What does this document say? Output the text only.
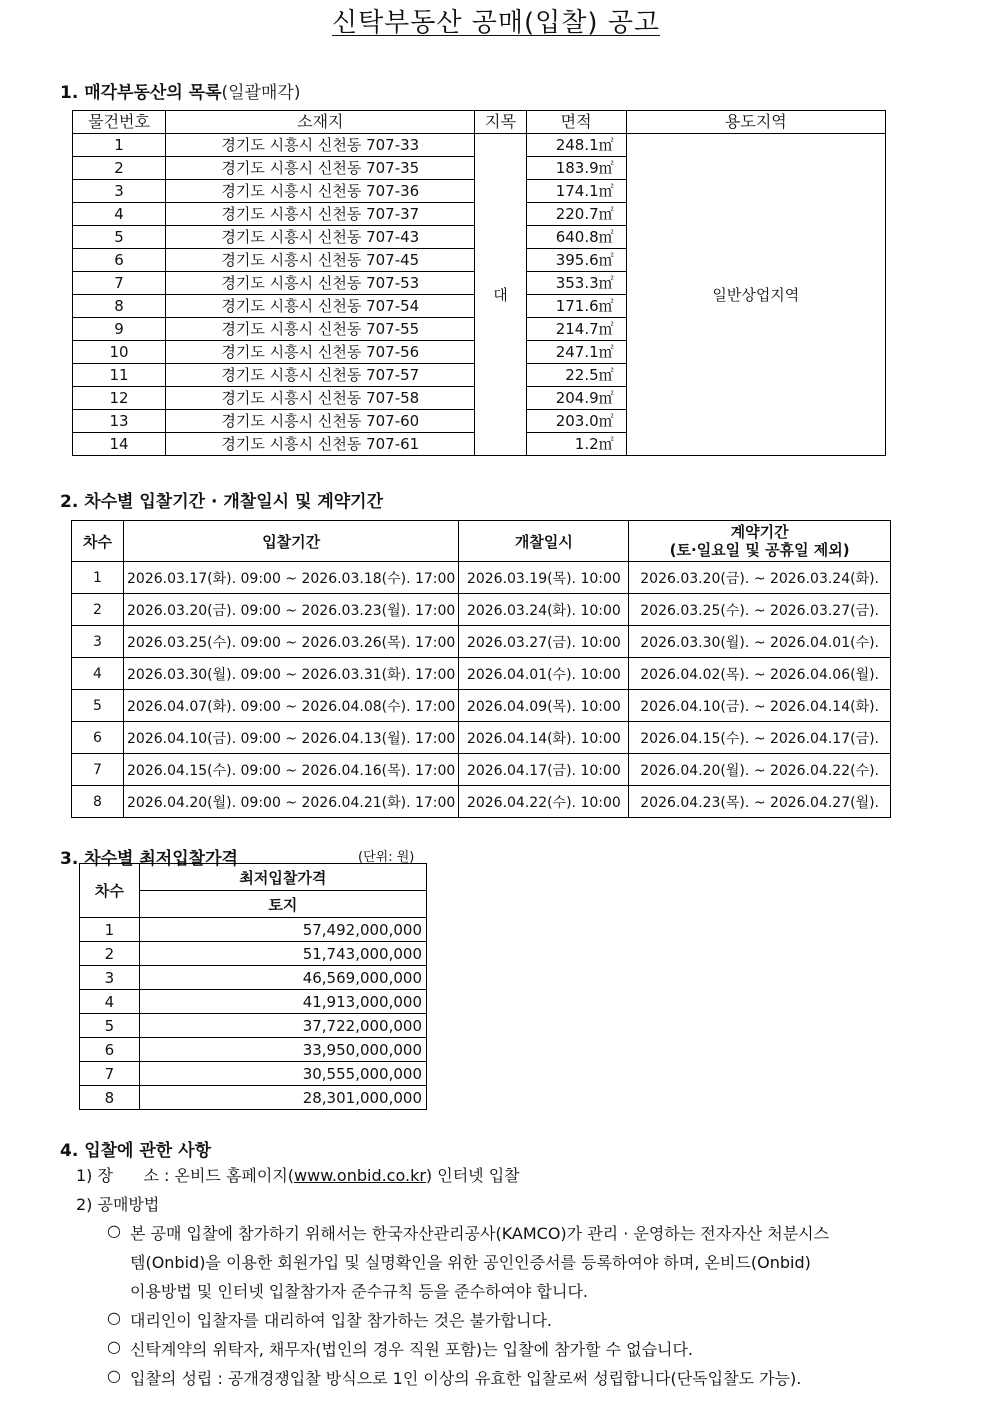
신탁부동산 공매(입찰) 공고
1. 매각부동산의 목록(일괄매각)
물건번호	소재지	지목	면적	용도지역
1	경기도 시흥시 신천동 707-33	대	248.1㎡	일반상업지역
2	경기도 시흥시 신천동 707-35		183.9㎡	
3	경기도 시흥시 신천동 707-36		174.1㎡	
4	경기도 시흥시 신천동 707-37		220.7㎡	
5	경기도 시흥시 신천동 707-43		640.8㎡	
6	경기도 시흥시 신천동 707-45		395.6㎡	
7	경기도 시흥시 신천동 707-53		353.3㎡	
8	경기도 시흥시 신천동 707-54		171.6㎡	
9	경기도 시흥시 신천동 707-55		214.7㎡	
10	경기도 시흥시 신천동 707-56		247.1㎡	
11	경기도 시흥시 신천동 707-57		22.5㎡	
12	경기도 시흥시 신천동 707-58		204.9㎡	
13	경기도 시흥시 신천동 707-60		203.0㎡	
14	경기도 시흥시 신천동 707-61		1.2㎡	
2. 차수별 입찰기간 · 개찰일시 및 계약기간
차수	입찰기간	개찰일시	계약기간
(토·일요일 및 공휴일 제외)

1	2026.03.17(화). 09:00 ~ 2026.03.18(수). 17:00	2026.03.19(목). 10:00	2026.03.20(금). ~ 2026.03.24(화).
2	2026.03.20(금). 09:00 ~ 2026.03.23(월). 17:00	2026.03.24(화). 10:00	2026.03.25(수). ~ 2026.03.27(금).
3	2026.03.25(수). 09:00 ~ 2026.03.26(목). 17:00	2026.03.27(금). 10:00	2026.03.30(월). ~ 2026.04.01(수).
4	2026.03.30(월). 09:00 ~ 2026.03.31(화). 17:00	2026.04.01(수). 10:00	2026.04.02(목). ~ 2026.04.06(월).
5	2026.04.07(화). 09:00 ~ 2026.04.08(수). 17:00	2026.04.09(목). 10:00	2026.04.10(금). ~ 2026.04.14(화).
6	2026.04.10(금). 09:00 ~ 2026.04.13(월). 17:00	2026.04.14(화). 10:00	2026.04.15(수). ~ 2026.04.17(금).
7	2026.04.15(수). 09:00 ~ 2026.04.16(목). 17:00	2026.04.17(금). 10:00	2026.04.20(월). ~ 2026.04.22(수).
8	2026.04.20(월). 09:00 ~ 2026.04.21(화). 17:00	2026.04.22(수). 10:00	2026.04.23(목). ~ 2026.04.27(월).
3. 차수별 최저입찰가격	(단위: 원)
차수	최저입찰가격
	토지
1	57,492,000,000
2	51,743,000,000
3	46,569,000,000
4	41,913,000,000
5	37,722,000,000
6	33,950,000,000
7	30,555,000,000
8	28,301,000,000
4. 입찰에 관한 사항
1) 장      소 : 온비드 홈페이지(www.onbid.co.kr) 인터넷 입찰
2) 공매방법
○ 본 공매 입찰에 참가하기 위해서는 한국자산관리공사(KAMCO)가 관리 · 운영하는 전자자산 처분시스
템(Onbid)을 이용한 회원가입 및 실명확인을 위한 공인인증서를 등록하여야 하며, 온비드(Onbid)
이용방법 및 인터넷 입찰참가자 준수규칙 등을 준수하여야 합니다.
○ 대리인이 입찰자를 대리하여 입찰 참가하는 것은 불가합니다.
○ 신탁계약의 위탁자, 채무자(법인의 경우 직원 포함)는 입찰에 참가할 수 없습니다.
○ 입찰의 성립 : 공개경쟁입찰 방식으로 1인 이상의 유효한 입찰로써 성립합니다(단독입찰도 가능).
